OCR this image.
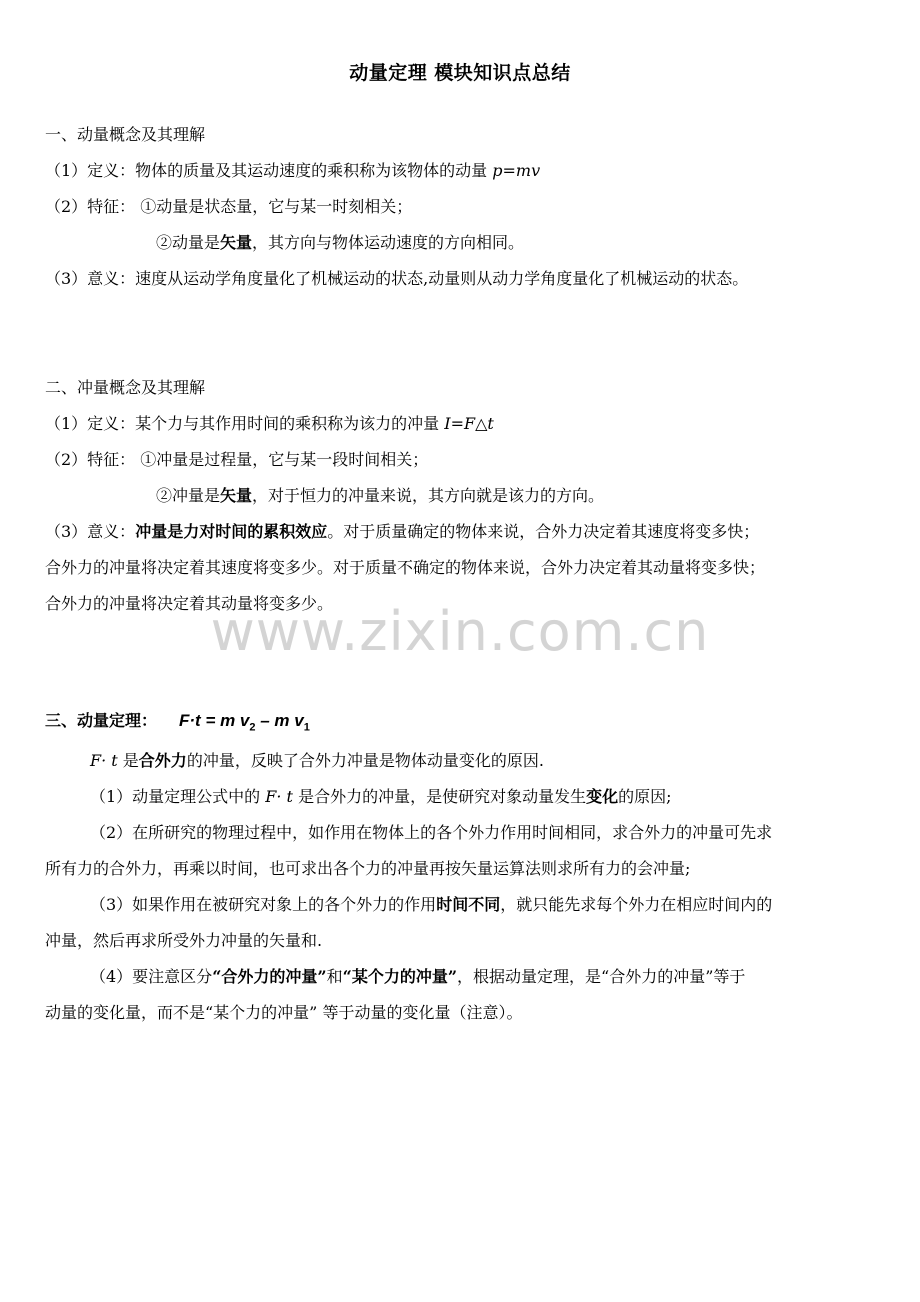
动量定理 模块知识点总结
一、动量概念及其理解
（1）定义：物体的质量及其运动速度的乘积称为该物体的动量 p=mv
（2）特征： ①动量是状态量，它与某一时刻相关；
②动量是矢量，其方向与物体运动速度的方向相同。
（3）意义：速度从运动学角度量化了机械运动的状态,动量则从动力学角度量化了机械运动的状态。
二、冲量概念及其理解
（1）定义：某个力与其作用时间的乘积称为该力的冲量 I=F△t
（2）特征： ①冲量是过程量，它与某一段时间相关；
②冲量是矢量，对于恒力的冲量来说，其方向就是该力的方向。
（3）意义：冲量是力对时间的累积效应。对于质量确定的物体来说，合外力决定着其速度将变多快；
合外力的冲量将决定着其速度将变多少。对于质量不确定的物体来说，合外力决定着其动量将变多快；
合外力的冲量将决定着其动量将变多少。
www.zixin.com.cn
三、动量定理： F·t = m $v_2$ – m $v_1$
F· t 是合外力的冲量，反映了合外力冲量是物体动量变化的原因.
（1）动量定理公式中的 F· t 是合外力的冲量，是使研究对象动量发生变化的原因;
（2）在所研究的物理过程中，如作用在物体上的各个外力作用时间相同，求合外力的冲量可先求
所有力的合外力，再乘以时间，也可求出各个力的冲量再按矢量运算法则求所有力的会冲量;
（3）如果作用在被研究对象上的各个外力的作用时间不同，就只能先求每个外力在相应时间内的
冲量，然后再求所受外力冲量的矢量和.
（4）要注意区分“合外力的冲量”和“某个力的冲量”，根据动量定理，是“合外力的冲量”等于
动量的变化量，而不是“某个力的冲量” 等于动量的变化量（注意）。
